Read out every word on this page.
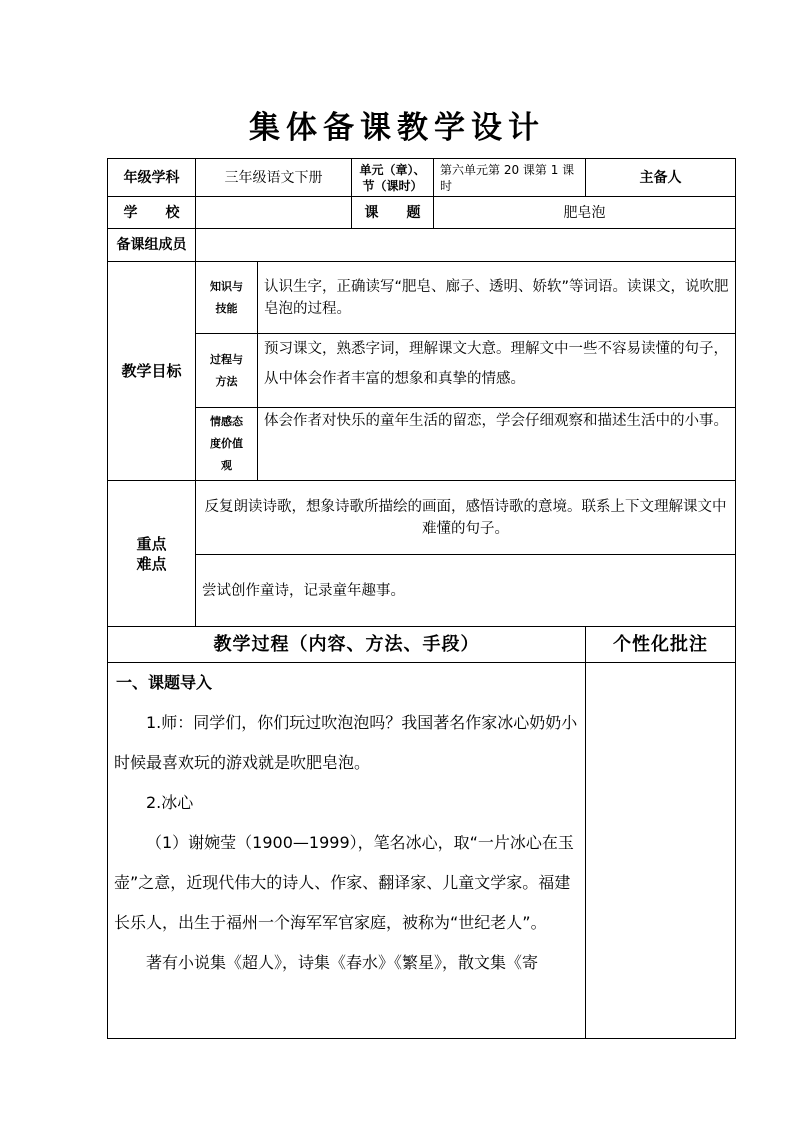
集体备课教学设计
年级学科	三年级语文下册		单元（章）、
节（课时）	第六单元第 20 课第 1 课时	主备人
学　　校			课　　题	肥皂泡	
备课组成员					
教学目标	知识与
技能	认识生字，正确读写“肥皂、廊子、透明、娇软”等词语。读课文，说吹肥皂泡的过程。			

	过程与
方法	预习课文，熟悉字词，理解课文大意。理解文中一些不容易读懂的句子，从中体会作者丰富的想象和真挚的情感。			

	情感态
度价值
观	体会作者对快乐的童年生活的留恋，学会仔细观察和描述生活中的小事。			

重点
难点	反复朗读诗歌，想象诗歌所描绘的画面，感悟诗歌的意境。联系上下文理解课文中难懂的句子。				
	尝试创作童诗，记录童年趣事。				
教学过程（内容、方法、手段）					个性化批注

一、课题导入

1.师：同学们，你们玩过吹泡泡吗？我国著名作家冰心奶奶小时候最喜欢玩的游戏就是吹肥皂泡。

2.冰心

（1）谢婉莹（1900—1999），笔名冰心，取“一片冰心在玉壶”之意，近现代伟大的诗人、作家、翻译家、儿童文学家。福建长乐人，出生于福州一个海军军官家庭，被称为“世纪老人”。

著有小说集《超人》，诗集《春水》《繁星》，散文集《寄					
